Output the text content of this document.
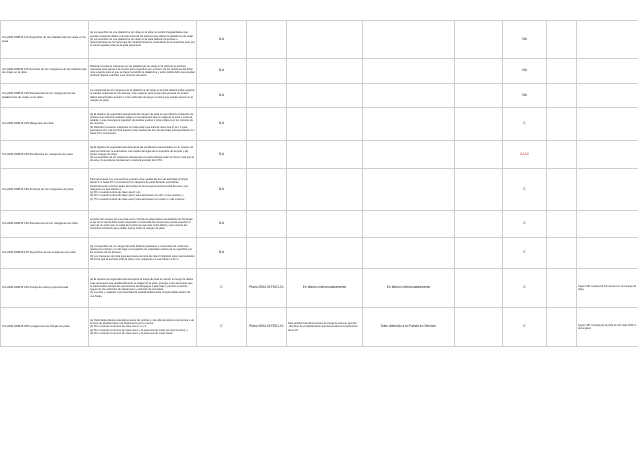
CS-ADR-ORB-B.110 Superficie de las plataformas de viraje en la pista	(a) La superficie de una plataforma de viraje en la pista no tendrá irregularidades que puedan ocasionar daños a la estructura de los aviones que utilicen la plataforma de viraje.
(b) La superficie de una plataforma de viraje en la pista deberá construirse o repavimentarse de forma tal que las características de rozamiento de la superficie sean por lo menos iguales a las de la pista adyacente.	N.A					NA		
CS-ADR-ORB-B.115 Anchura de los márgenes de las plataformas de viraje en la pista	Deberán proveerse márgenes en las plataformas de viraje en la pista de la anchura necesaria para prevenir la erosión de la superficie por el chorro de los reactores del avión más exigente para el que se haya concebido la plataforma y todo posible daño que puedan producir objetos extraños a los motores del avión.	N.A					NA		
CS-ADR-ORB-B.120 Resistencia de los márgenes de las plataformas de viraje en la pista	La resistencia de los márgenes de la plataforma de viraje en la pista deberá poder soportar el tránsito ocasional de los aviones, más exigente para el que ésta prevista sin inducir daños estructurales al avión o a los vehículos de apoyo en tierra que puedan operar en el margen de pista.	N.A					NA		
CS-ADR-ORB-B.125 Márgenes de pista	(a) El objetivo de seguridad operacional del margen de pista es que deberá construirse de manera que reduzca cualquier peligro a una aeronave que se salga de la pista o zona de parada, y que prevenga la ingestión de piedras sueltas u otros objetos por los motores de los motores.
(b) Deberán proveerse márgenes en toda pista cuya letra de clave sea D, E o F para aeronaves con una anchura exterior entre ruedas del tren de aterrizaje principal desde 9 m hasta 15 m (exclusive).	N.A					C		
CS-ADR-ORB-B.130 Pendientes en márgenes de pista	(a) El objetivo de seguridad operacional de las pendientes transversales en un margen de pista es favorecer la evacuación más rápida del agua de la superficie de la pista y del propio margen de pista.
(b) La superficie de los márgenes adyacentes a la pista deberá estar al mismo nivel que la de esta y la pendiente transversal no deberá exceder del 2,5%.	N.A					DAAD		
CS-ADR-ORB-B.135 Anchura de los márgenes de pista	Para aeronaves con una anchura exterior entre ruedas del tren de aterrizaje principal desde 9 m hasta 15 m (exclusive) los márgenes de pista deberán extenderse simétricamente a ambos lados de la pista de forma que la anchura total de ésta y sus márgenes no sea inferior a:
(a) 60 m cuando la letra de clave sea D o E;
(b) 60 m cuando la letra de clave sea F para aeronaves con dos o tres motores; y
(c) 75 m cuando la letra de clave sea F para aeronaves con cuatro o más motores.	N.A					C		
CS-ADR-ORB-B.140 Resistencia de los márgenes de pista	La parte del margen de una pista entre el borde de pista hasta una distancia de 30 desde el eje de la misma debe estar preparada o construida de manera que pueda soportar el peso de un avión que se salga de la pista sin que éste sufra daños y que soporte los vehículos terrestres que puedan operar sobre el margen de pista.	N.A					C		
CS-ADR-ORB-B.145 Superficie de los márgenes de pista	(a) La superficie de un margen de pista deberá prepararse o construirse de modo que resista a la erosión y no dé lugar a la ingestión de materiales sueltos de su superficie por los motores de los aviones.
(b) Los márgenes de pista para aeronaves de letra de clave F deberán estar pavimentados de forma que la anchura total de pista y sus márgenes no sea inferior a 60 m.	N.A					C		
CS-ADR-ORB-B.150 Franja de pista proporcionada	(a) El objetivo de seguridad operacional de la franja de pista es reducir el riesgo de daños a las aeronaves que accidentalmente se salgan de la pista, proteger a las aeronaves que la sobrevuelan durante las operaciones de despegue o aterrizaje y permitir el acceso seguro de los vehículos de salvamento y extinción de incendios.
(b) La pista y cualquier zona asociada de parada deberá estar comprendidas dentro de una franja.	C	Plano 0054-01PG01-01	En blanco intencionadamente	En blanco intencionadamente		C		Según AIP, la pista 01-19 cuenta con una franja de pista.
CS-ADR-ORB-B.155 Longitud de las franjas de pista	(a) Toda franja deberá extenderse antes del umbral y más allá del extremo de la pista o de la zona de parada hasta una distancia de por lo menos:
(1) 60 m cuando el número de clave sea 2, 3 o 4;
(2) 60 m cuando el número de clave sea 1 y la pista sea de vuelo por instrumentos; y
(3) 30 m cuando el número de clave sea 1 y la pista sea de vuelo visual.	C	Plano 0054-01PG01-01	Para justificar las dimensiones de franja de pista se aportan:
- El plano de emplazamiento que demuestra el cumplimiento de la CS.	Dato obtenido a la Puesta en Servicio		C		Según AIP, la franja de la pista 01-19 mide 2020 m de longitud.
